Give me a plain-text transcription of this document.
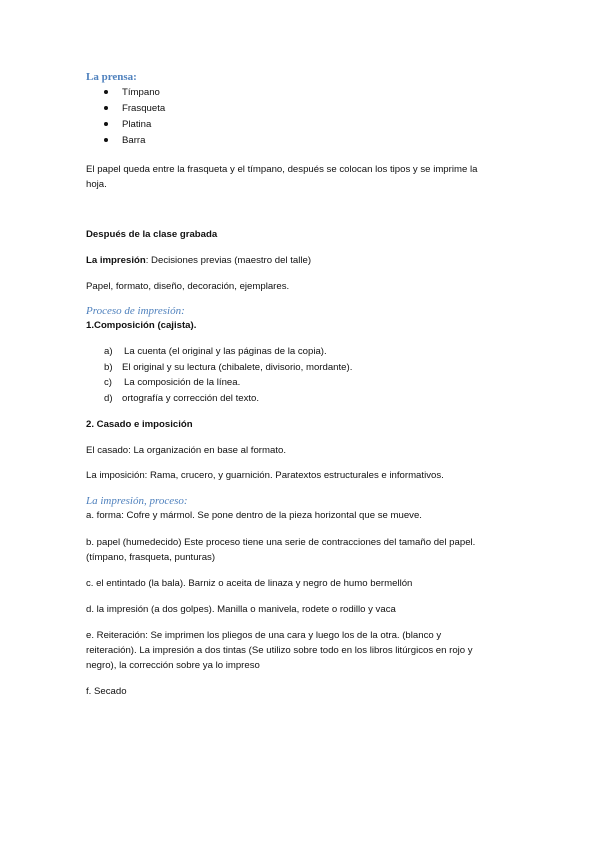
La prensa:
Tímpano
Frasqueta
Platina
Barra
El papel queda entre la frasqueta y el tímpano, después se colocan los tipos y se imprime la
hoja.
Después de la clase grabada
La impresión: Decisiones previas (maestro del talle)
Papel, formato, diseño, decoración, ejemplares.
Proceso de impresión:
1.Composición (cajista).
a) La cuenta (el original y las páginas de la copia).
b) El original y su lectura (chibalete, divisorio, mordante).
c) La composición de la línea.
d) ortografía y corrección del texto.
2. Casado e imposición
El casado: La organización en base al formato.
La imposición: Rama, crucero, y guarnición. Paratextos estructurales e informativos.
La impresión, proceso:
a. forma: Cofre y mármol. Se pone dentro de la pieza horizontal que se mueve.
b. papel (humedecido) Este proceso tiene una serie de contracciones del tamaño del papel.
(tímpano, frasqueta, punturas)
c. el entintado (la bala). Barniz o aceita de linaza y negro de humo bermellón
d. la impresión (a dos golpes). Manilla o manivela, rodete o rodillo y vaca
e. Reiteración: Se imprimen los pliegos de una cara y luego los de la otra. (blanco y
reiteración). La impresión a dos tintas (Se utilizo sobre todo en los libros litúrgicos en rojo y
negro), la corrección sobre ya lo impreso
f. Secado
